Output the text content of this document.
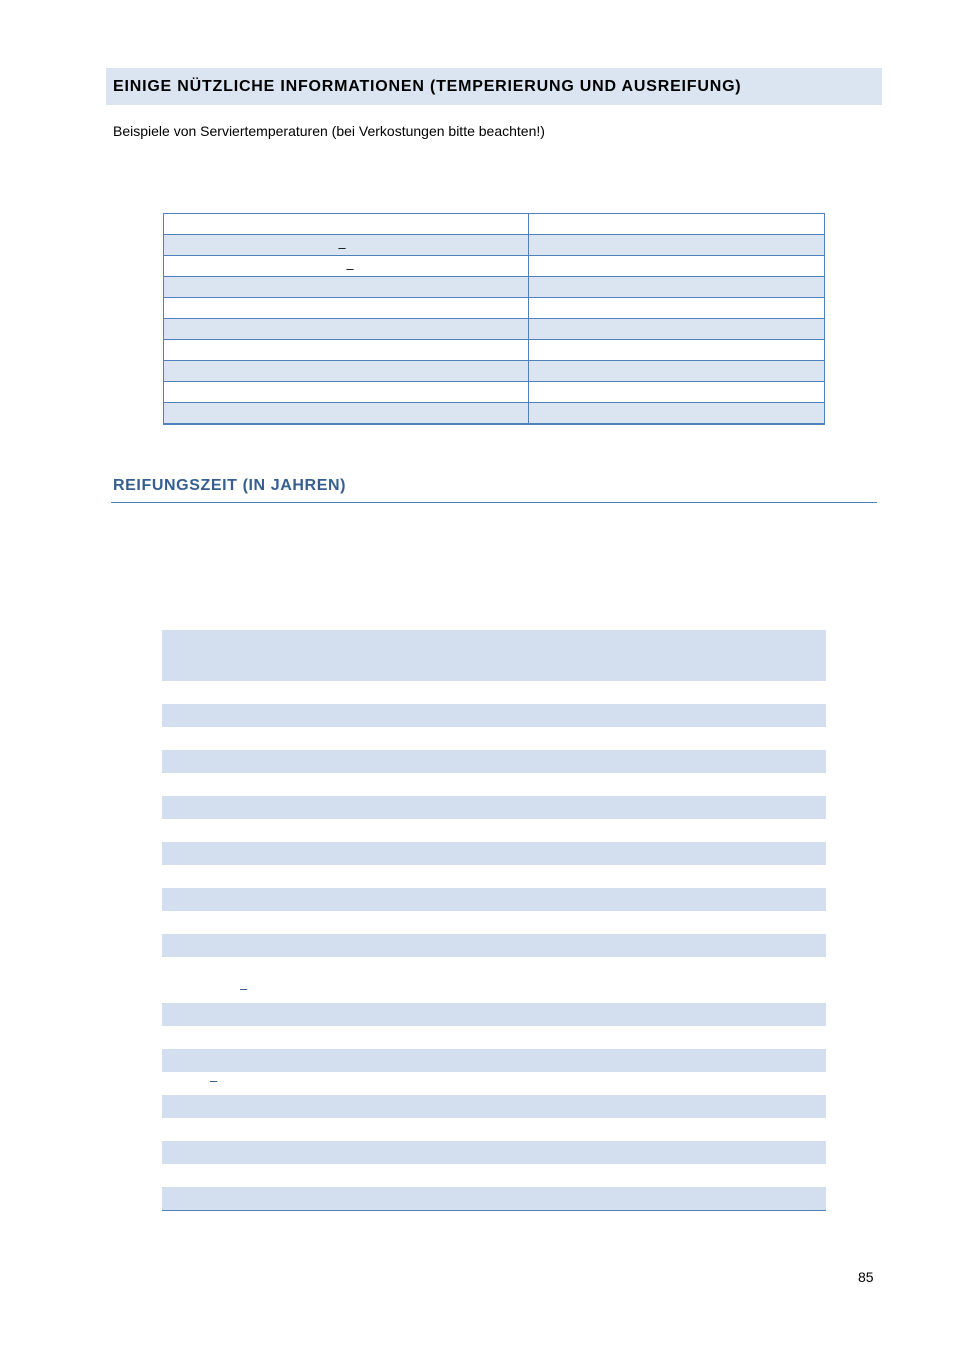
EINIGE NÜTZLICHE INFORMATIONEN (TEMPERIERUNG UND AUSREIFUNG)
Beispiele von Serviertemperaturen (bei Verkostungen bitte beachten!)

–	
–	

REIFUNGSZEIT (IN JAHREN)
–
–
85
